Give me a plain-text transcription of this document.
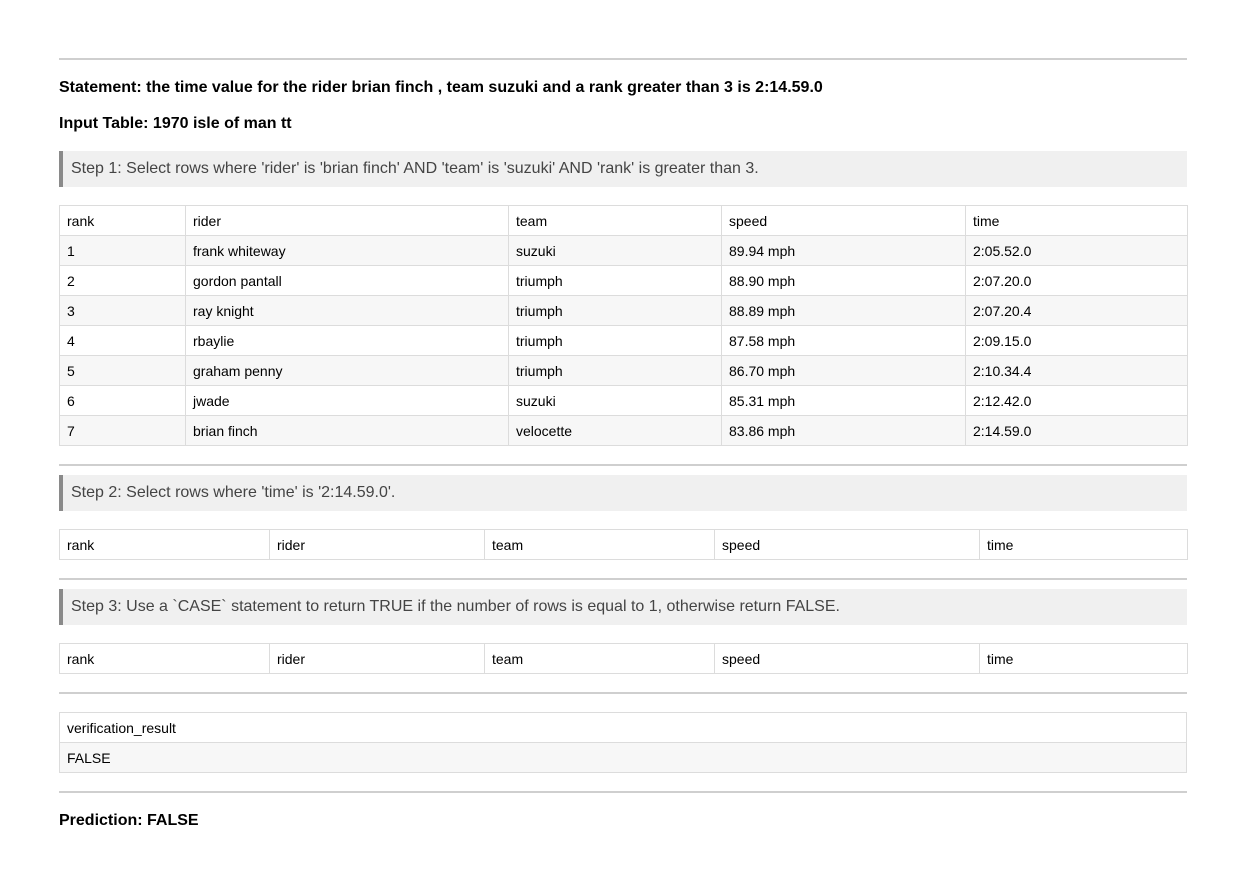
Statement: the time value for the rider brian finch , team suzuki and a rank greater than 3 is 2:14.59.0
Input Table: 1970 isle of man tt
Step 1: Select rows where 'rider' is 'brian finch' AND 'team' is 'suzuki' AND 'rank' is greater than 3.
rank	rider	team	speed	time
1	frank whiteway	suzuki	89.94 mph	2:05.52.0
2	gordon pantall	triumph	88.90 mph	2:07.20.0
3	ray knight	triumph	88.89 mph	2:07.20.4
4	rbaylie	triumph	87.58 mph	2:09.15.0
5	graham penny	triumph	86.70 mph	2:10.34.4
6	jwade	suzuki	85.31 mph	2:12.42.0
7	brian finch	velocette	83.86 mph	2:14.59.0
Step 2: Select rows where 'time' is '2:14.59.0'.
rank	rider	team	speed	time
Step 3: Use a `CASE` statement to return TRUE if the number of rows is equal to 1, otherwise return FALSE.
rank	rider	team	speed	time
verification_result
FALSE
Prediction: FALSE
